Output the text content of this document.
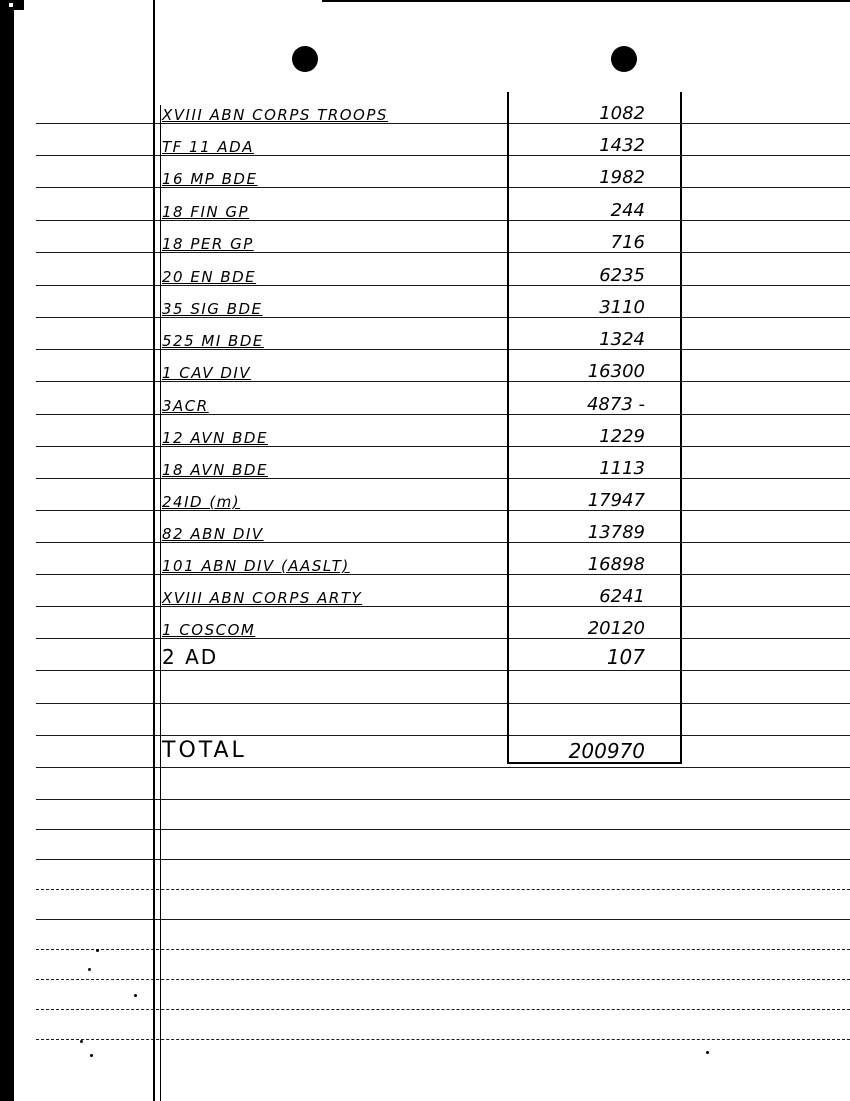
XVIII ABN CORPS TROOPS	1082
TF 11 ADA	1432
16 MP BDE	1982
18 FIN GP	244
18 PER GP	716
20 EN BDE	6235
35 SIG BDE	3110
525 MI BDE	1324
1 CAV DIV	16300
3ACR	4873 -
12 AVN BDE	1229
18 AVN BDE	1113
24ID (m)	17947
82 ABN DIV	13789
101 ABN DIV (AASLT)	16898
XVIII ABN CORPS ARTY	6241
1 COSCOM	20120
2 AD	107
TOTAL	200970
